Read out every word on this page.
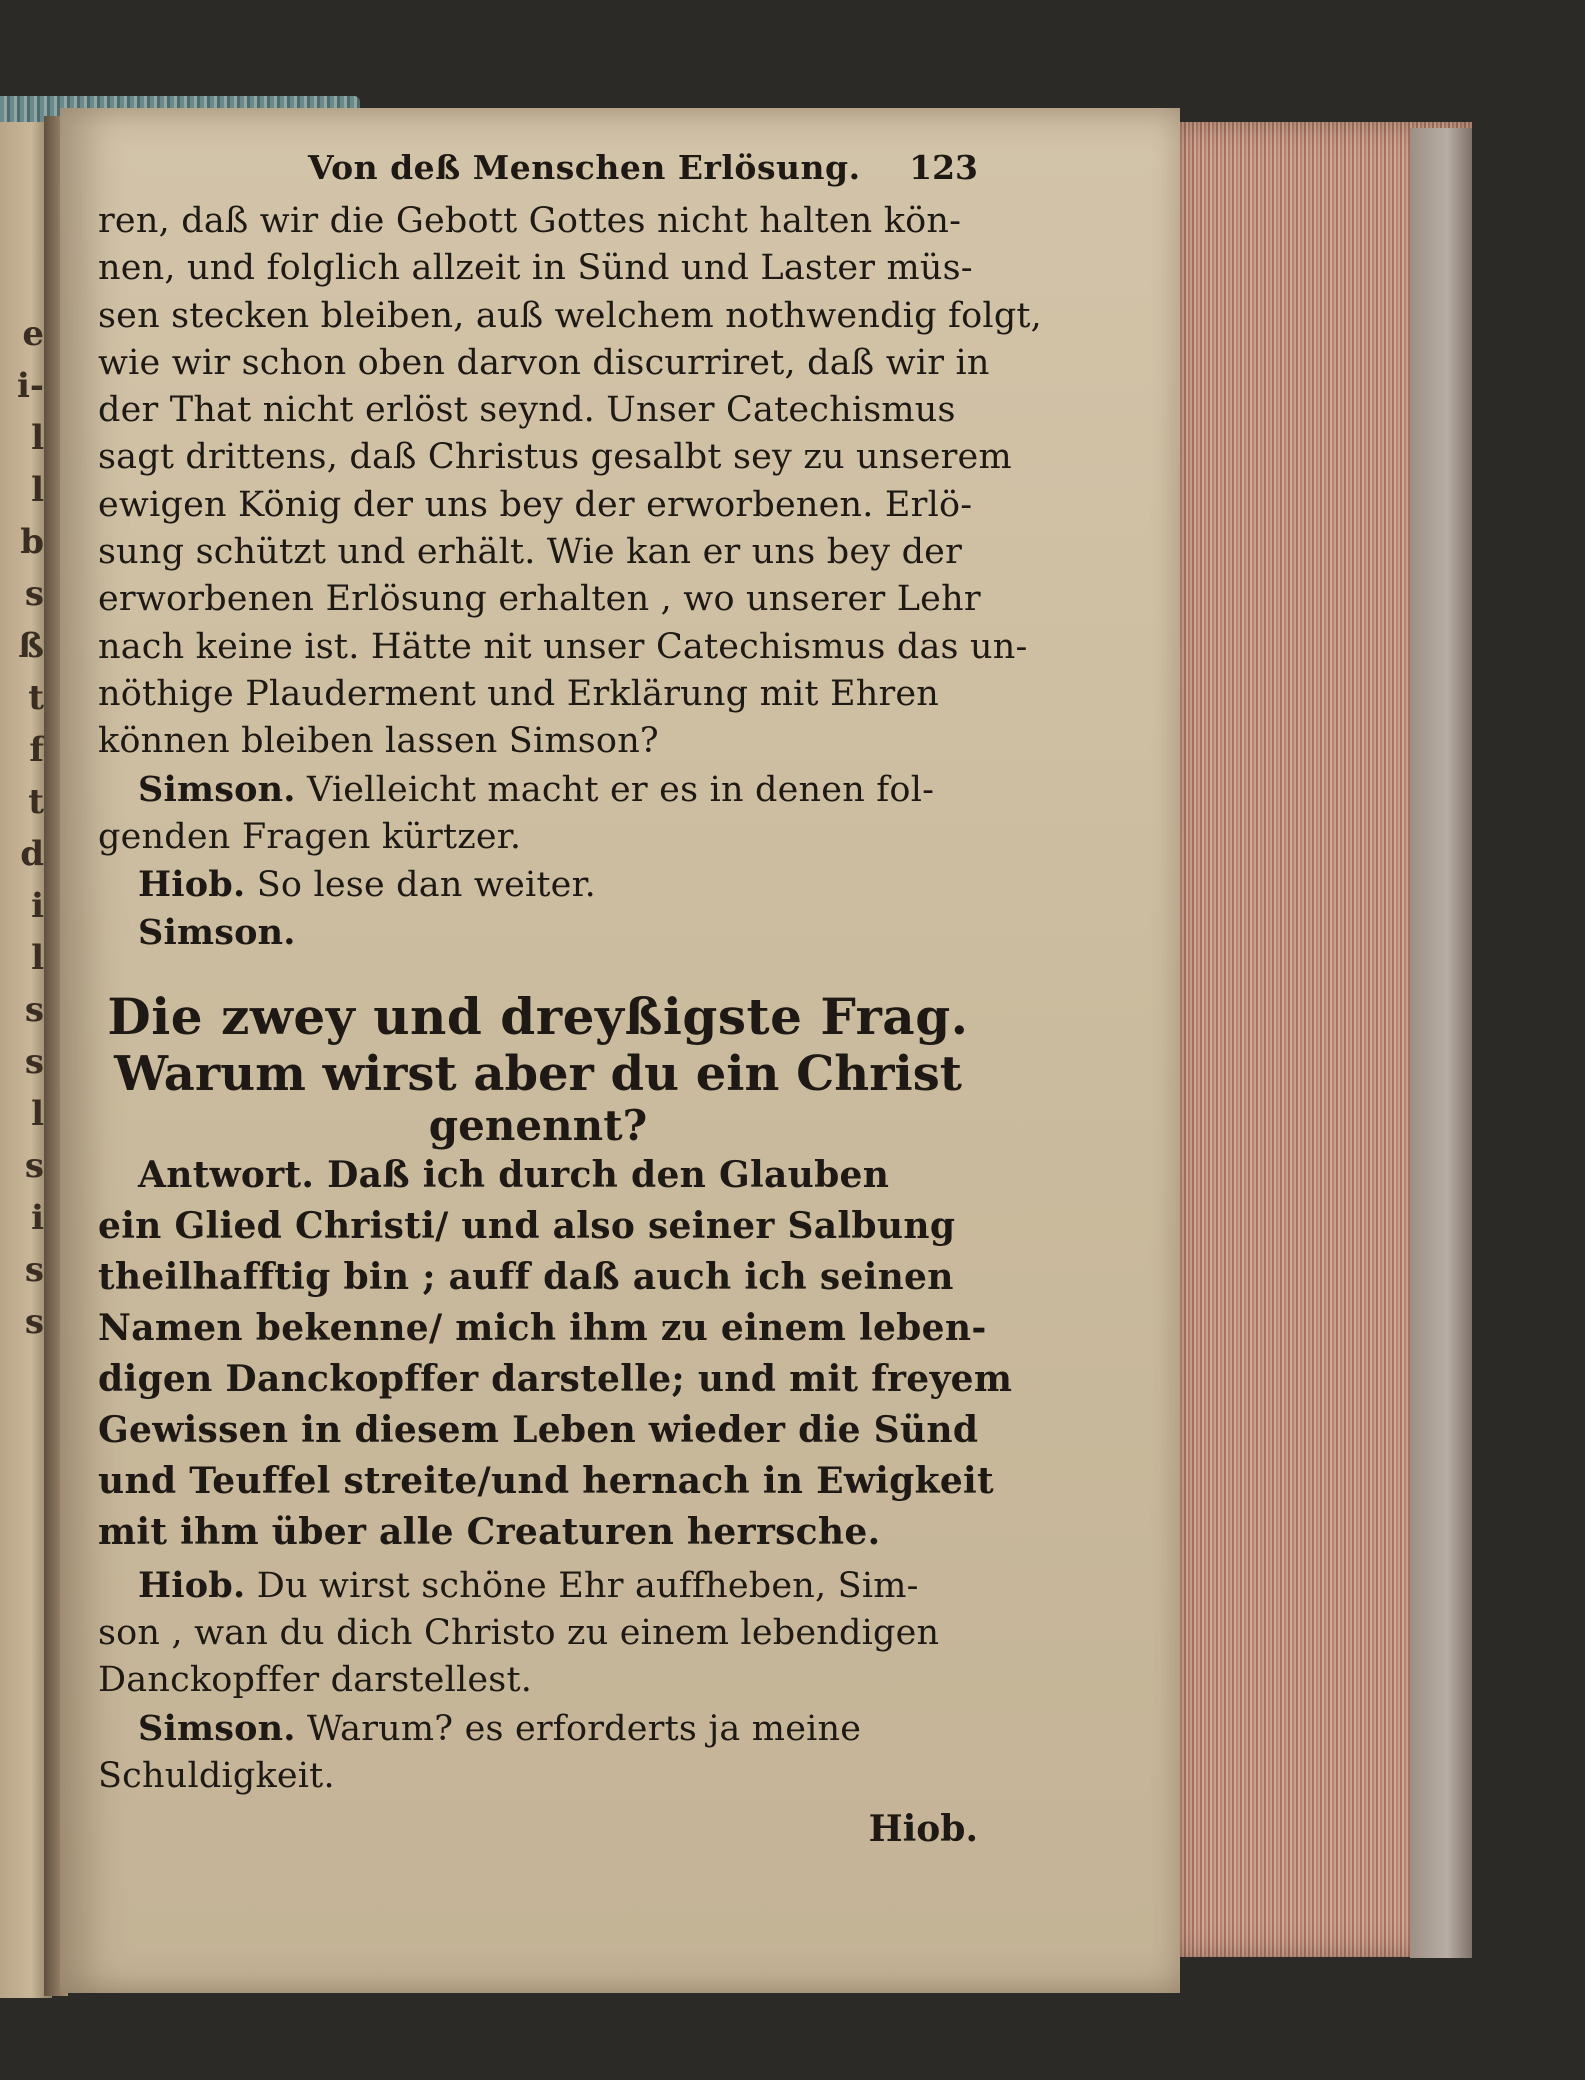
e
i-
l
l
b
s
ß
t
f
t
d
i
l
s
s
l
s
i
s
s
Von deß Menschen Erlösung. 123
ren, daß wir die Gebott Gottes nicht halten kön-
nen, und folglich allzeit in Sünd und Laster müs-
sen stecken bleiben, auß welchem nothwendig folgt,
wie wir schon oben darvon discurriret, daß wir in
der That nicht erlöst seynd. Unser Catechismus
sagt drittens, daß Christus gesalbt sey zu unserem
ewigen König der uns bey der erworbenen. Erlö-
sung schützt und erhält. Wie kan er uns bey der
erworbenen Erlösung erhalten , wo unserer Lehr
nach keine ist. Hätte nit unser Catechismus das un-
nöthige Plauderment und Erklärung mit Ehren
können bleiben lassen Simson?
Simson. Vielleicht macht er es in denen fol-
genden Fragen kürtzer.
Hiob. So lese dan weiter.
Simson.
Die zwey und dreyßigste Frag.
Warum wirst aber du ein Christ
genennt?
Antwort. Daß ich durch den Glauben
ein Glied Christi/ und also seiner Salbung
theilhafftig bin ; auff daß auch ich seinen
Namen bekenne/ mich ihm zu einem leben-
digen Danckopffer darstelle; und mit freyem
Gewissen in diesem Leben wieder die Sünd
und Teuffel streite/und hernach in Ewigkeit
mit ihm über alle Creaturen herrsche.
Hiob. Du wirst schöne Ehr auffheben, Sim-
son , wan du dich Christo zu einem lebendigen
Danckopffer darstellest.
Simson. Warum? es erforderts ja meine
Schuldigkeit.
Hiob.
